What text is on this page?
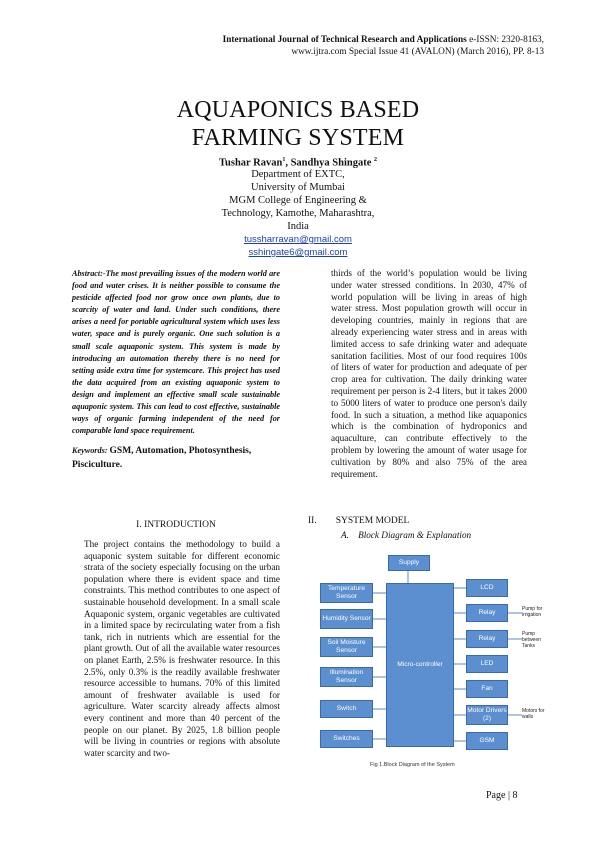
International Journal of Technical Research and Applications e-ISSN: 2320-8163,
www.ijtra.com Special Issue 41 (AVALON) (March 2016), PP. 8-13
AQUAPONICS BASED
FARMING SYSTEM
Tushar Ravan$^1$, Sandhya Shingate $^2$
Department of EXTC,
University of Mumbai
MGM College of Engineering &
Technology, Kamothe, Maharashtra,
India
tussharravan@gmail.com
sshingate6@gmail.com
Abstract:-The most prevailing issues of the modern world are food and water crises. It is neither possible to consume the pesticide affected food nor grow once own plants, due to scarcity of water and land. Under such conditions, there arises a need for portable agricultural system which uses less water, space and is purely organic. One such solution is a small scale aquaponic system. This system is made by introducing an automation thereby there is no need for setting aside extra time for systemcare. This project has used the data acquired from an existing aquaponic system to design and implement an effective small scale sustainable aquaponic system. This can lead to cost effective, sustainable ways of organic farming independent of the need for comparable land space requirement.
Keywords: GSM, Automation, Photosynthesis, Pisciculture.
thirds of the world’s population would be living under water stressed conditions. In 2030, 47% of world population will be living in areas of high water stress. Most population growth will occur in developing countries, mainly in regions that are already experiencing water stress and in areas with limited access to safe drinking water and adequate sanitation facilities. Most of our food requires 100s of liters of water for production and adequate of per crop area for cultivation. The daily drinking water requirement per person is 2-4 liters, but it takes 2000 to 5000 liters of water to produce one person's daily food. In such a situation, a method like aquaponics which is the combination of hydroponics and aquaculture, can contribute effectively to the problem by lowering the amount of water usage for cultivation by 80% and also 75% of the area requirement.
I. INTRODUCTION
The project contains the methodology to build a aquaponic system suitable for different economic strata of the society especially focusing on the urban population where there is evident space and time constraints. This method contributes to one aspect of sustainable household development. In a small scale Aquaponic system, organic vegetables are cultivated in a limited space by recirculating water from a fish tank, rich in nutrients which are essential for the plant growth. Out of all the available water resources on planet Earth, 2.5% is freshwater resource. In this 2.5%, only 0.3% is the readily available freshwater resource accessible to humans. 70% of this limited amount of freshwater available is used for agriculture. Water scarcity already affects almost every continent and more than 40 percent of the people on our planet. By 2025, 1.8 billion people will be living in countries or regions with absolute water scarcity and two-
II.        SYSTEM MODEL
A.    Block Diagram & Explanation
Supply
Micro-controller
Temperature Sensor
Humidity Sensor
Soil Moisture Sensor
Illumination Sensor
Switch
Switches
LCD
Relay
Relay
LED
Fan
Motor Drivers (2)
GSM
Pump for irrigation
Pump between Tanks
Motors for walls
Fig 1.Block Diagram of the System
Page | 8
